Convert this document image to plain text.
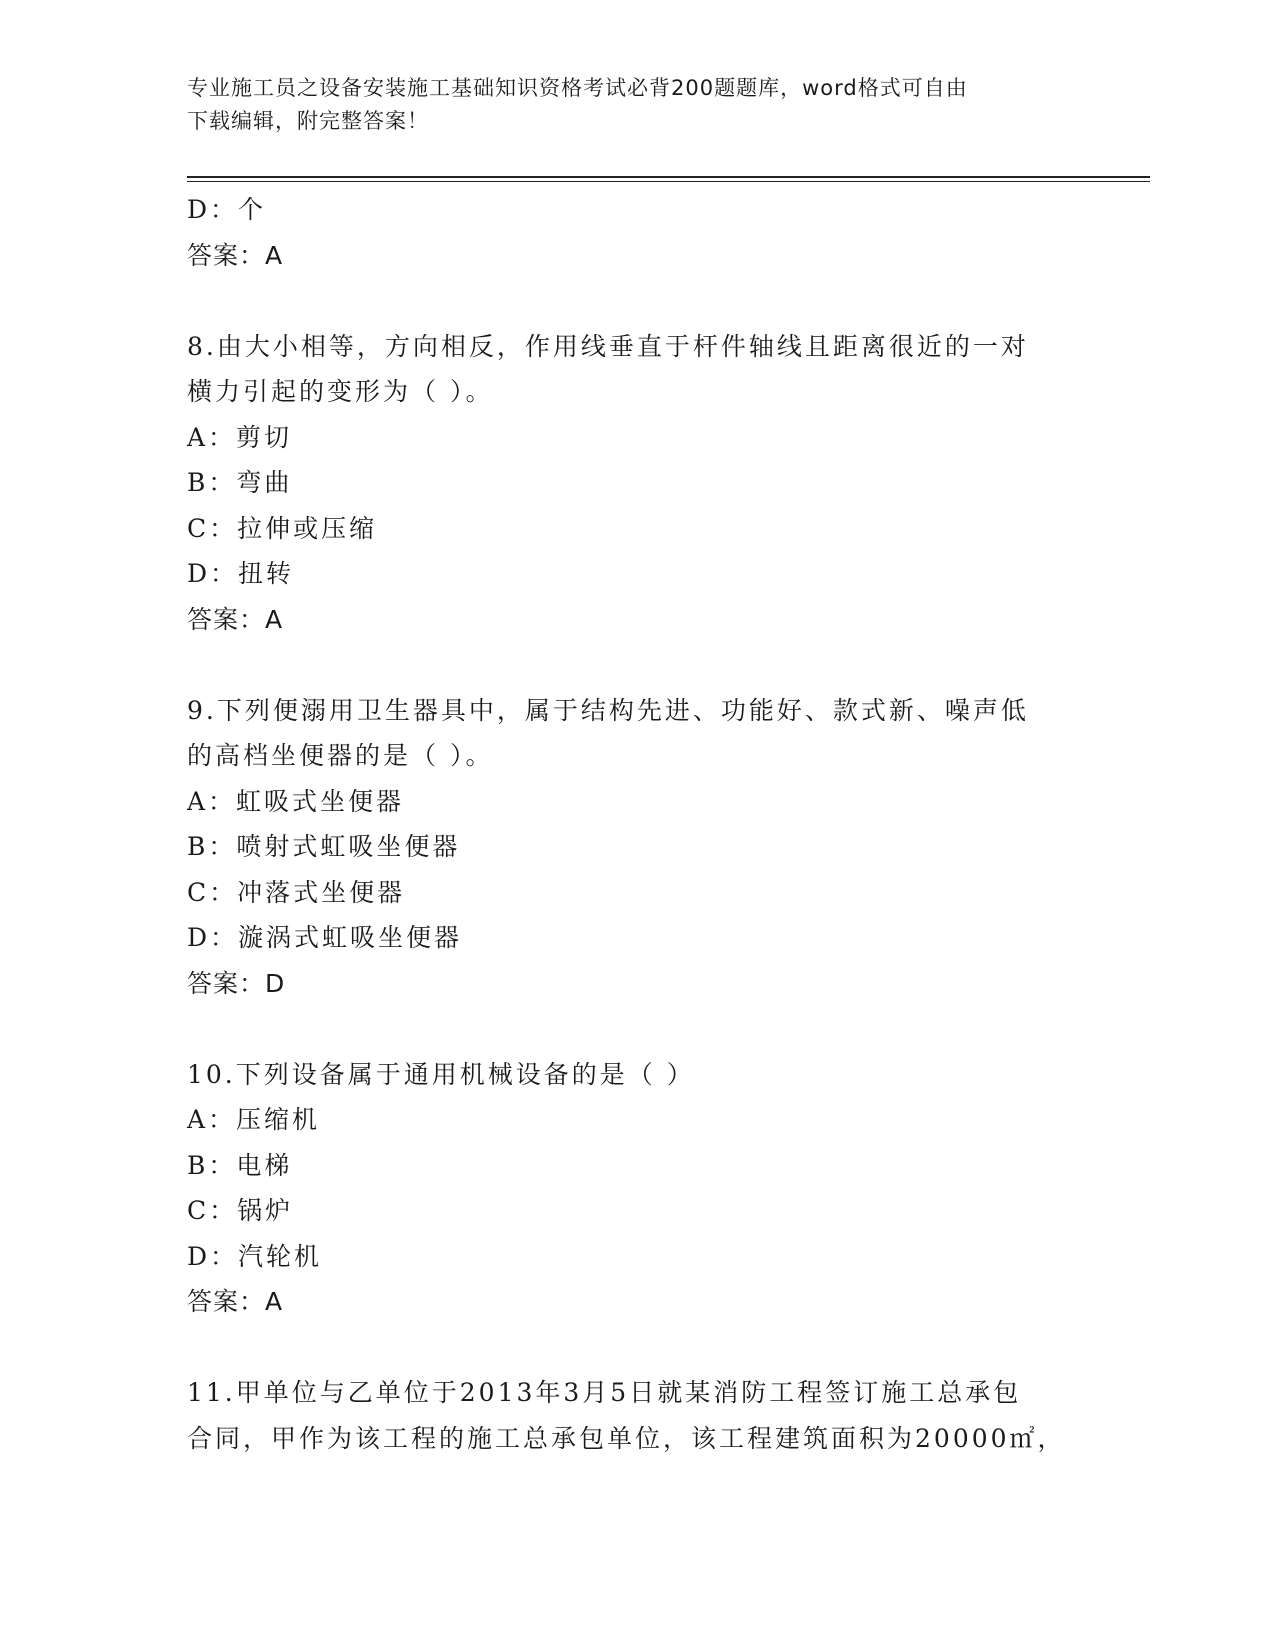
专业施工员之设备安装施工基础知识资格考试必背200题题库，word格式可自由
下载编辑，附完整答案！
D：个
答案：A
8.由大小相等，方向相反，作用线垂直于杆件轴线且距离很近的一对
横力引起的变形为（ ）。
A：剪切
B：弯曲
C：拉伸或压缩
D：扭转
答案：A
9.下列便溺用卫生器具中，属于结构先进、功能好、款式新、噪声低
的高档坐便器的是（ ）。
A：虹吸式坐便器
B：喷射式虹吸坐便器
C：冲落式坐便器
D：漩涡式虹吸坐便器
答案：D
10.下列设备属于通用机械设备的是（ ）
A：压缩机
B：电梯
C：锅炉
D：汽轮机
答案：A
11.甲单位与乙单位于2013年3月5日就某消防工程签订施工总承包
合同，甲作为该工程的施工总承包单位，该工程建筑面积为20000㎡，
